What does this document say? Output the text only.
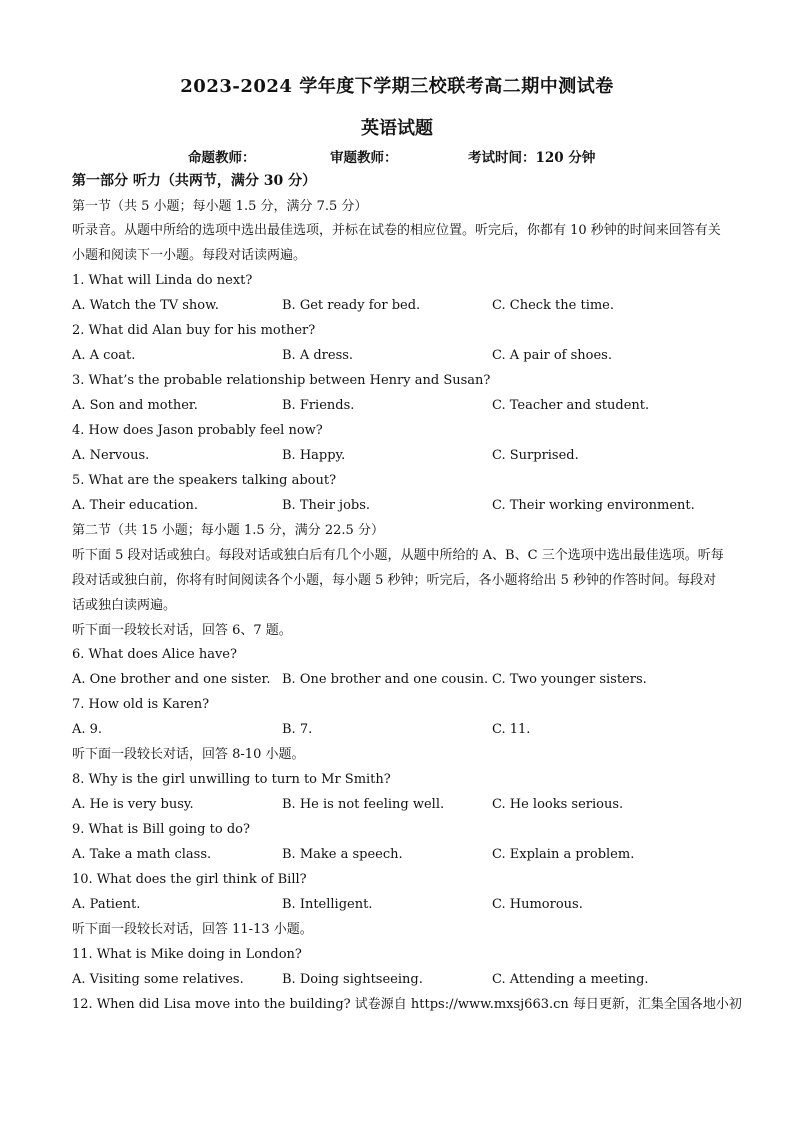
2023-2024 学年度下学期三校联考高二期中测试卷
英语试题
命题教师：	审题教师：	考试时间：120 分钟
第一部分 听力（共两节，满分 30 分）
第一节（共 5 小题；每小题 1.5 分，满分 7.5 分）
听录音。从题中所给的选项中选出最佳选项，并标在试卷的相应位置。听完后，你都有 10 秒钟的时间来回答有关小题和阅读下一小题。每段对话读两遍。
1. What will Linda do next?
A. Watch the TV show.	B. Get ready for bed.	C. Check the time.
2. What did Alan buy for his mother?
A. A coat.	B. A dress.	C. A pair of shoes.
3. What’s the probable relationship between Henry and Susan?
A. Son and mother.	B. Friends.	C. Teacher and student.
4. How does Jason probably feel now?
A. Nervous.	B. Happy.	C. Surprised.
5. What are the speakers talking about?
A. Their education.	B. Their jobs.	C. Their working environment.
第二节（共 15 小题；每小题 1.5 分，满分 22.5 分）
听下面 5 段对话或独白。每段对话或独白后有几个小题，从题中所给的 A、B、C 三个选项中选出最佳选项。听每段对话或独白前，你将有时间阅读各个小题，每小题 5 秒钟；听完后，各小题将给出 5 秒钟的作答时间。每段对话或独白读两遍。
听下面一段较长对话，回答 6、7 题。
6. What does Alice have?
A. One brother and one sister. B. One brother and one cousin. C. Two younger sisters.
7. How old is Karen?
A. 9.	B. 7.	C. 11.
听下面一段较长对话，回答 8-10 小题。
8. Why is the girl unwilling to turn to Mr Smith?
A. He is very busy.	B. He is not feeling well.	C. He looks serious.
9. What is Bill going to do?
A. Take a math class.	B. Make a speech.	C. Explain a problem.
10. What does the girl think of Bill?
A. Patient.	B. Intelligent.	C. Humorous.
听下面一段较长对话，回答 11-13 小题。
11. What is Mike doing in London?
A. Visiting some relatives.	B. Doing sightseeing.	C. Attending a meeting.
12. When did Lisa move into the building? 试卷源自 https://www.mxsj663.cn 每日更新，汇集全国各地小初
